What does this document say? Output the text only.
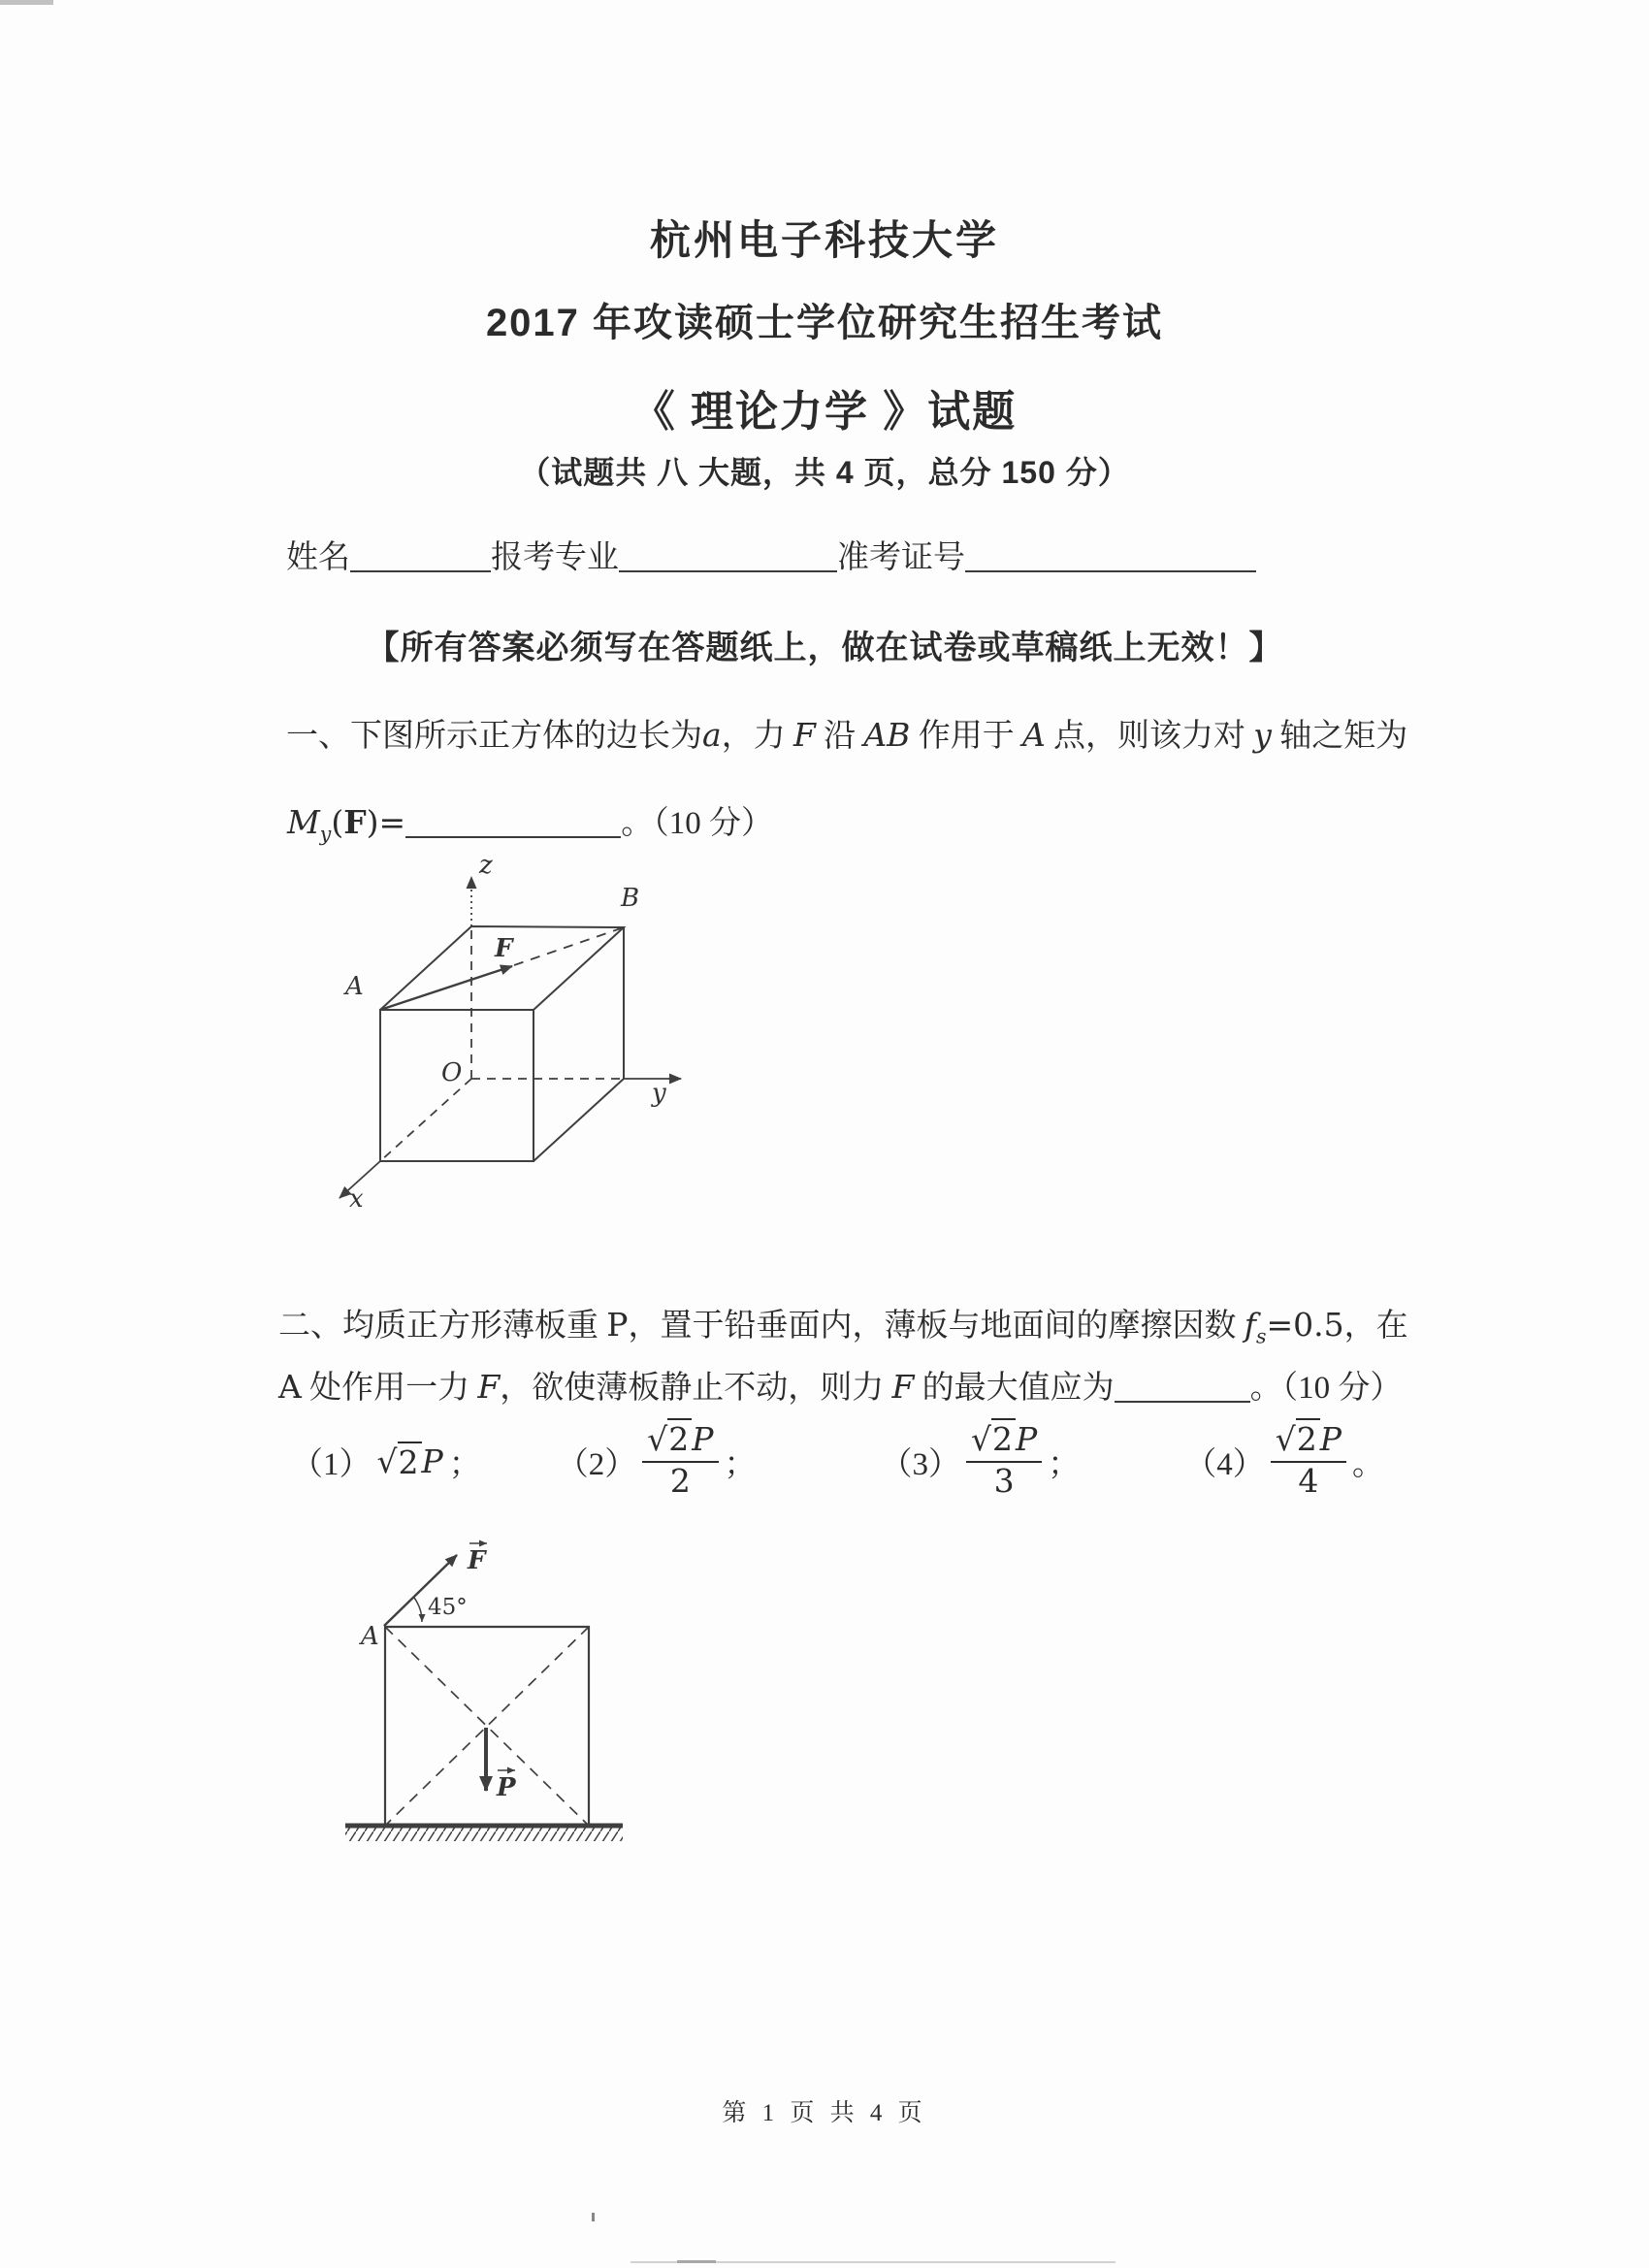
杭州电子科技大学
2017 年攻读硕士学位研究生招生考试
《 理论力学 》试题
（试题共 八 大题，共 4 页，总分 150 分）
姓名	报考专业	准考证号
【所有答案必须写在答题纸上，做在试卷或草稿纸上无效！】
一、下图所示正方体的边长为a，力 F 沿 AB 作用于 A 点，则该力对 y 轴之矩为
$M_y(F)=$	。（10 分）
z
B
F
A
O
y
x
二、均质正方形薄板重 P，置于铅垂面内，薄板与地面间的摩擦因数 $f_s=0.5$，在
A 处作用一力 F，欲使薄板静止不动，则力 F 的最大值应为	。（10 分）
（1） √ 2 P ； $(2) \frac{√2P}{2}$ ；	$(3) \frac{√2P}{3}$ ；	$(4) \frac{√2P}{4}$ 。
F
45°
A
P
第 1 页 共 4 页
